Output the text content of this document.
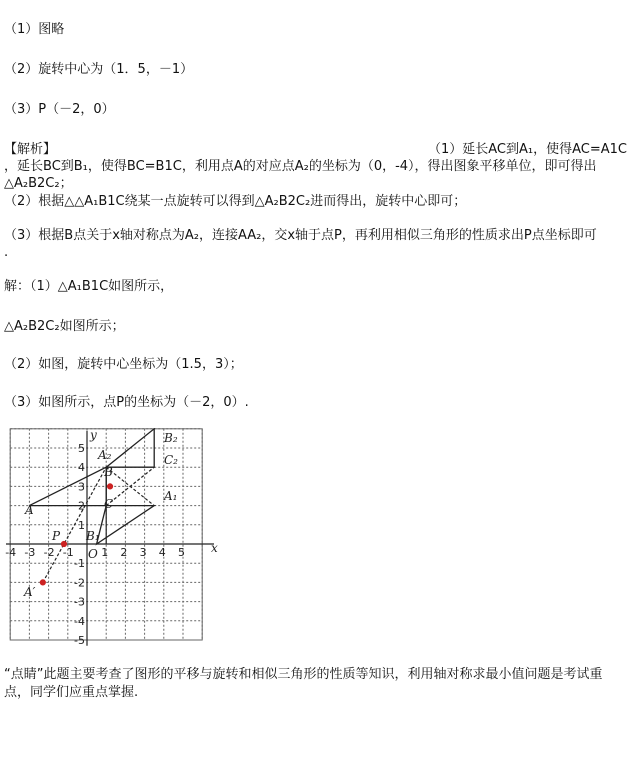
（1）图略
（2）旋转中心为（1．5，－1）
（3）P（－2，0）
【解析】	（1）延长AC到A₁，使得AC=A1C
，延长BC到B₁，使得BC=B1C，利用点A的对应点A₂的坐标为（0，-4），得出图象平移单位，即可得出
△A₂B2C₂；
（2）根据△△A₁B1C绕某一点旋转可以得到△A₂B2C₂进而得出，旋转中心即可；
（3）根据B点关于x轴对称点为A₂，连接AA₂，交x轴于点P，再利用相似三角形的性质求出P点坐标即可
.
解：（1）△A₁B1C如图所示，
△A₂B2C₂如图所示；
（2）如图，旋转中心坐标为（1.5，3）；
（3）如图所示，点P的坐标为（－2，0）.
x
y
O
-4 -3 -2 -1 1 2 3 4 5
5
4
3
2
1
-1
-2
-3
-4
-5
A
A₁
A₂
B
B₁
B₂
C
C₂
P
A′
“点睛”此题主要考查了图形的平移与旋转和相似三角形的性质等知识，利用轴对称求最小值问题是考试重点，同学们应重点掌握.
